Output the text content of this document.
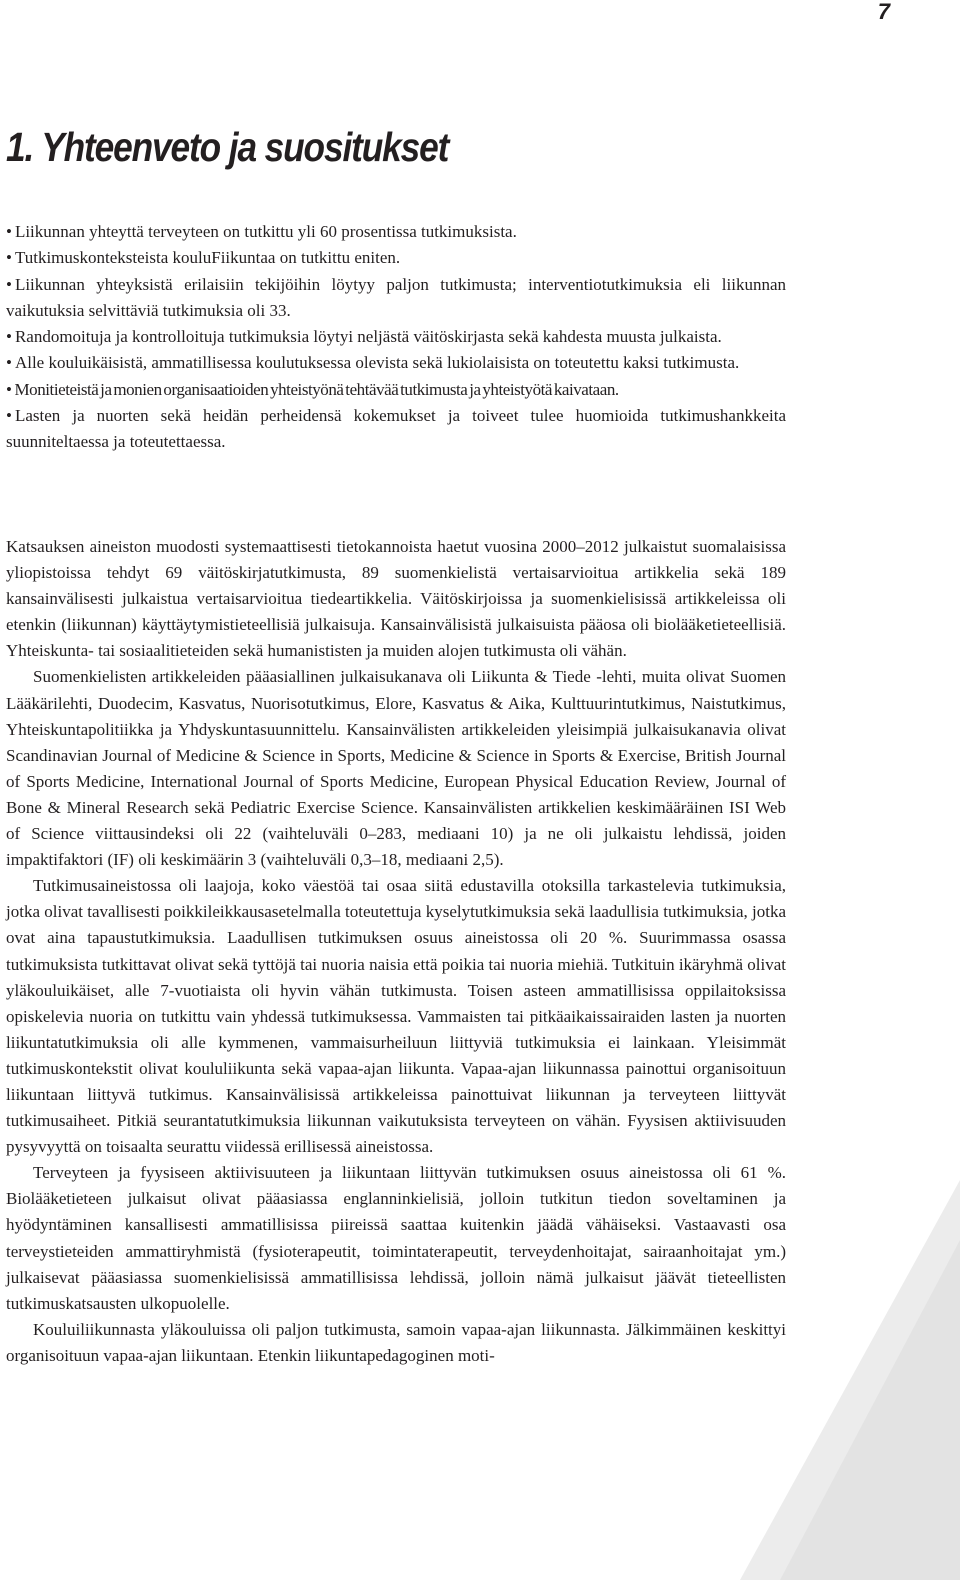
7

1. Yhteenveto ja suositukset
• Liikunnan yhteyttä terveyteen on tutkittu yli 60 prosentissa tutkimuksista.
• Tutkimuskonteksteista kouluFiikuntaa on tutkittu eniten.
• Liikunnan yhteyksistä erilaisiin tekijöihin löytyy paljon tutkimusta; interventiotutkimuksia eli liikunnan vaikutuksia selvittäviä tutkimuksia oli 33.
• Randomoituja ja kontrolloituja tutkimuksia löytyi neljästä väitöskirjasta sekä kahdesta muusta julkaista.
• Alle kouluikäisistä, ammatillisessa koulutuksessa olevista sekä lukiolaisista on toteutettu kaksi tutkimusta.
• Monitieteistä ja monien organisaatioiden yhteistyönä tehtävää tutkimusta ja yhteistyötä kaivataan.
• Lasten ja nuorten sekä heidän perheidensä kokemukset ja toiveet tulee huomioida tutkimushankkeita suunniteltaessa ja toteutettaessa.

Katsauksen aineiston muodosti systemaattisesti tietokannoista haetut vuosina 2000–2012 julkaistut suomalaisissa yliopistoissa tehdyt 69 väitöskirjatutkimusta, 89 suomenkielistä vertaisarvioitua artikkelia sekä 189 kansainvälisesti julkaistua vertaisarvioitua tiedeartikkelia. Väitöskirjoissa ja suomenkielisissä artikkeleissa oli etenkin (liikunnan) käyttäytymistieteellisiä julkaisuja. Kansainvälisistä julkaisuista pääosa oli biolääketieteellisiä. Yhteiskunta- tai sosiaalitieteiden sekä humanististen ja muiden alojen tutkimusta oli vähän.

Suomenkielisten artikkeleiden pääasiallinen julkaisukanava oli Liikunta & Tiede -lehti, muita olivat Suomen Lääkärilehti, Duodecim, Kasvatus, Nuorisotutkimus, Elore, Kasvatus & Aika, Kulttuurintutkimus, Naistutkimus, Yhteiskuntapolitiikka ja Yhdyskuntasuunnittelu. Kansainvälisten artikkeleiden yleisimpiä julkaisukanavia olivat Scandinavian Journal of Medicine & Science in Sports, Medicine & Science in Sports & Exercise, British Journal of Sports Medicine, International Journal of Sports Medicine, European Physical Education Review, Journal of Bone & Mineral Research sekä Pediatric Exercise Science. Kansainvälisten artikkelien keskimääräinen ISI Web of Science viittausindeksi oli 22 (vaihteluväli 0–283, mediaani 10) ja ne oli julkaistu lehdissä, joiden impaktifaktori (IF) oli keskimäärin 3 (vaihteluväli 0,3–18, mediaani 2,5).

Tutkimusaineistossa oli laajoja, koko väestöä tai osaa siitä edustavilla otoksilla tarkastelevia tutkimuksia, jotka olivat tavallisesti poikkileikkausasetelmalla toteutettuja kyselytutkimuksia sekä laadullisia tutkimuksia, jotka ovat aina tapaustutkimuksia. Laadullisen tutkimuksen osuus aineistossa oli 20 %. Suurimmassa osassa tutkimuksista tutkittavat olivat sekä tyttöjä tai nuoria naisia että poikia tai nuoria miehiä. Tutkituin ikäryhmä olivat yläkouluikäiset, alle 7-vuotiaista oli hyvin vähän tutkimusta. Toisen asteen ammatillisissa oppilaitoksissa opiskelevia nuoria on tutkittu vain yhdessä tutkimuksessa. Vammaisten tai pitkäaikaissairaiden lasten ja nuorten liikuntatutkimuksia oli alle kymmenen, vammaisurheiluun liittyviä tutkimuksia ei lainkaan. Yleisimmät tutkimuskontekstit olivat koululiikunta sekä vapaa-ajan liikunta. Vapaa-ajan liikunnassa painottui organisoituun liikuntaan liittyvä tutkimus. Kansainvälisissä artikkeleissa painottuivat liikunnan ja terveyteen liittyvät tutkimusaiheet. Pitkiä seurantatutkimuksia liikunnan vaikutuksista terveyteen on vähän. Fyysisen aktiivisuuden pysyvyyttä on toisaalta seurattu viidessä erillisessä aineistossa.

Terveyteen ja fyysiseen aktiivisuuteen ja liikuntaan liittyvän tutkimuksen osuus aineistossa oli 61 %. Biolääketieteen julkaisut olivat pääasiassa englanninkielisiä, jolloin tutkitun tiedon soveltaminen ja hyödyntäminen kansallisesti ammatillisissa piireissä saattaa kuitenkin jäädä vähäiseksi. Vastaavasti osa terveystieteiden ammattiryhmistä (fysioterapeutit, toimintaterapeutit, terveydenhoitajat, sairaanhoitajat ym.) julkaisevat pääasiassa suomenkielisissä ammatillisissa lehdissä, jolloin nämä julkaisut jäävät tieteellisten tutkimuskatsausten ulkopuolelle.

Kouluiliikunnasta yläkouluissa oli paljon tutkimusta, samoin vapaa-ajan liikunnasta. Jälkimmäinen keskittyi organisoituun vapaa-ajan liikuntaan. Etenkin liikuntapedagoginen moti-
